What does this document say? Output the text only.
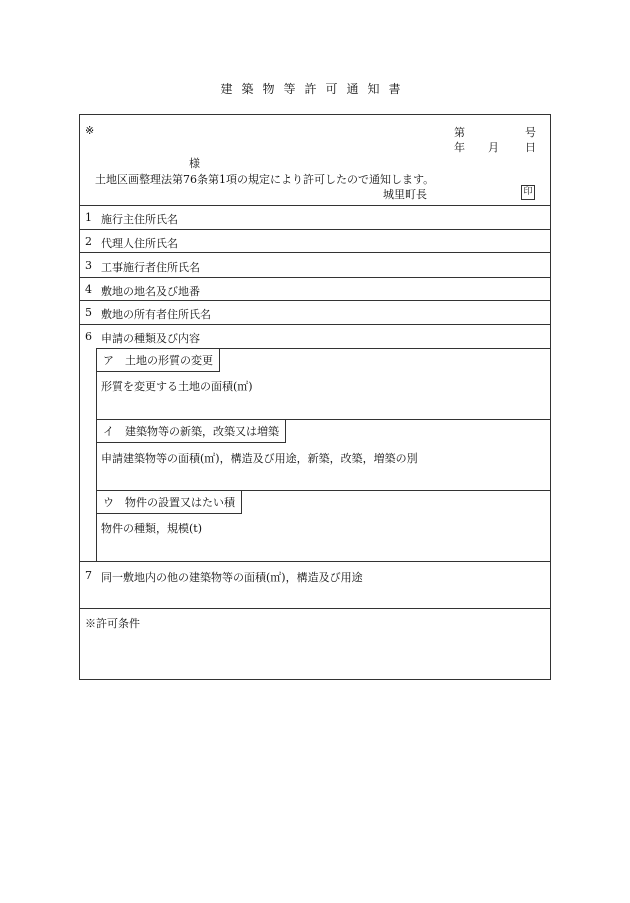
建築物等許可通知書
※	第	号
年 月 日
様
土地区画整理法第76条第1項の規定により許可したので通知します。
城里町長	印
1 施行主住所氏名
2 代理人住所氏名
3 工事施行者住所氏名
4 敷地の地名及び地番
5 敷地の所有者住所氏名
6 申請の種類及び内容
ア　土地の形質の変更
形質を変更する土地の面積(㎡)
イ　建築物等の新築，改築又は増築
申請建築物等の面積(㎡)，構造及び用途，新築，改築，増築の別
ウ　物件の設置又はたい積
物件の種類，規模(t)
7 同一敷地内の他の建築物等の面積(㎡)，構造及び用途
※許可条件
